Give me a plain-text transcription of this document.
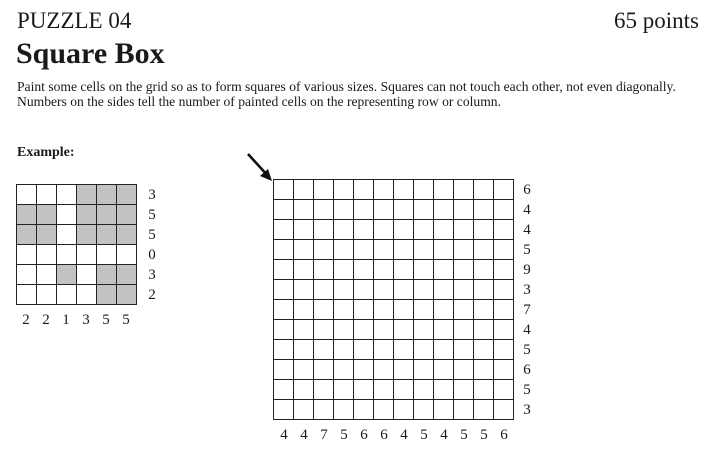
PUZZLE 04	65 points
Square Box
Paint some cells on the grid so as to form squares of various sizes. Squares can not touch each other, not even diagonally. Numbers on the sides tell the number of painted cells on the representing row or column.
Example:

3
5
5
0
3
2
2 2 1 3 5 5

6
4
4
5
9
3
7
4
5
6
5
3
4 4 7 5 6 6 4 5 4 5 5 6
